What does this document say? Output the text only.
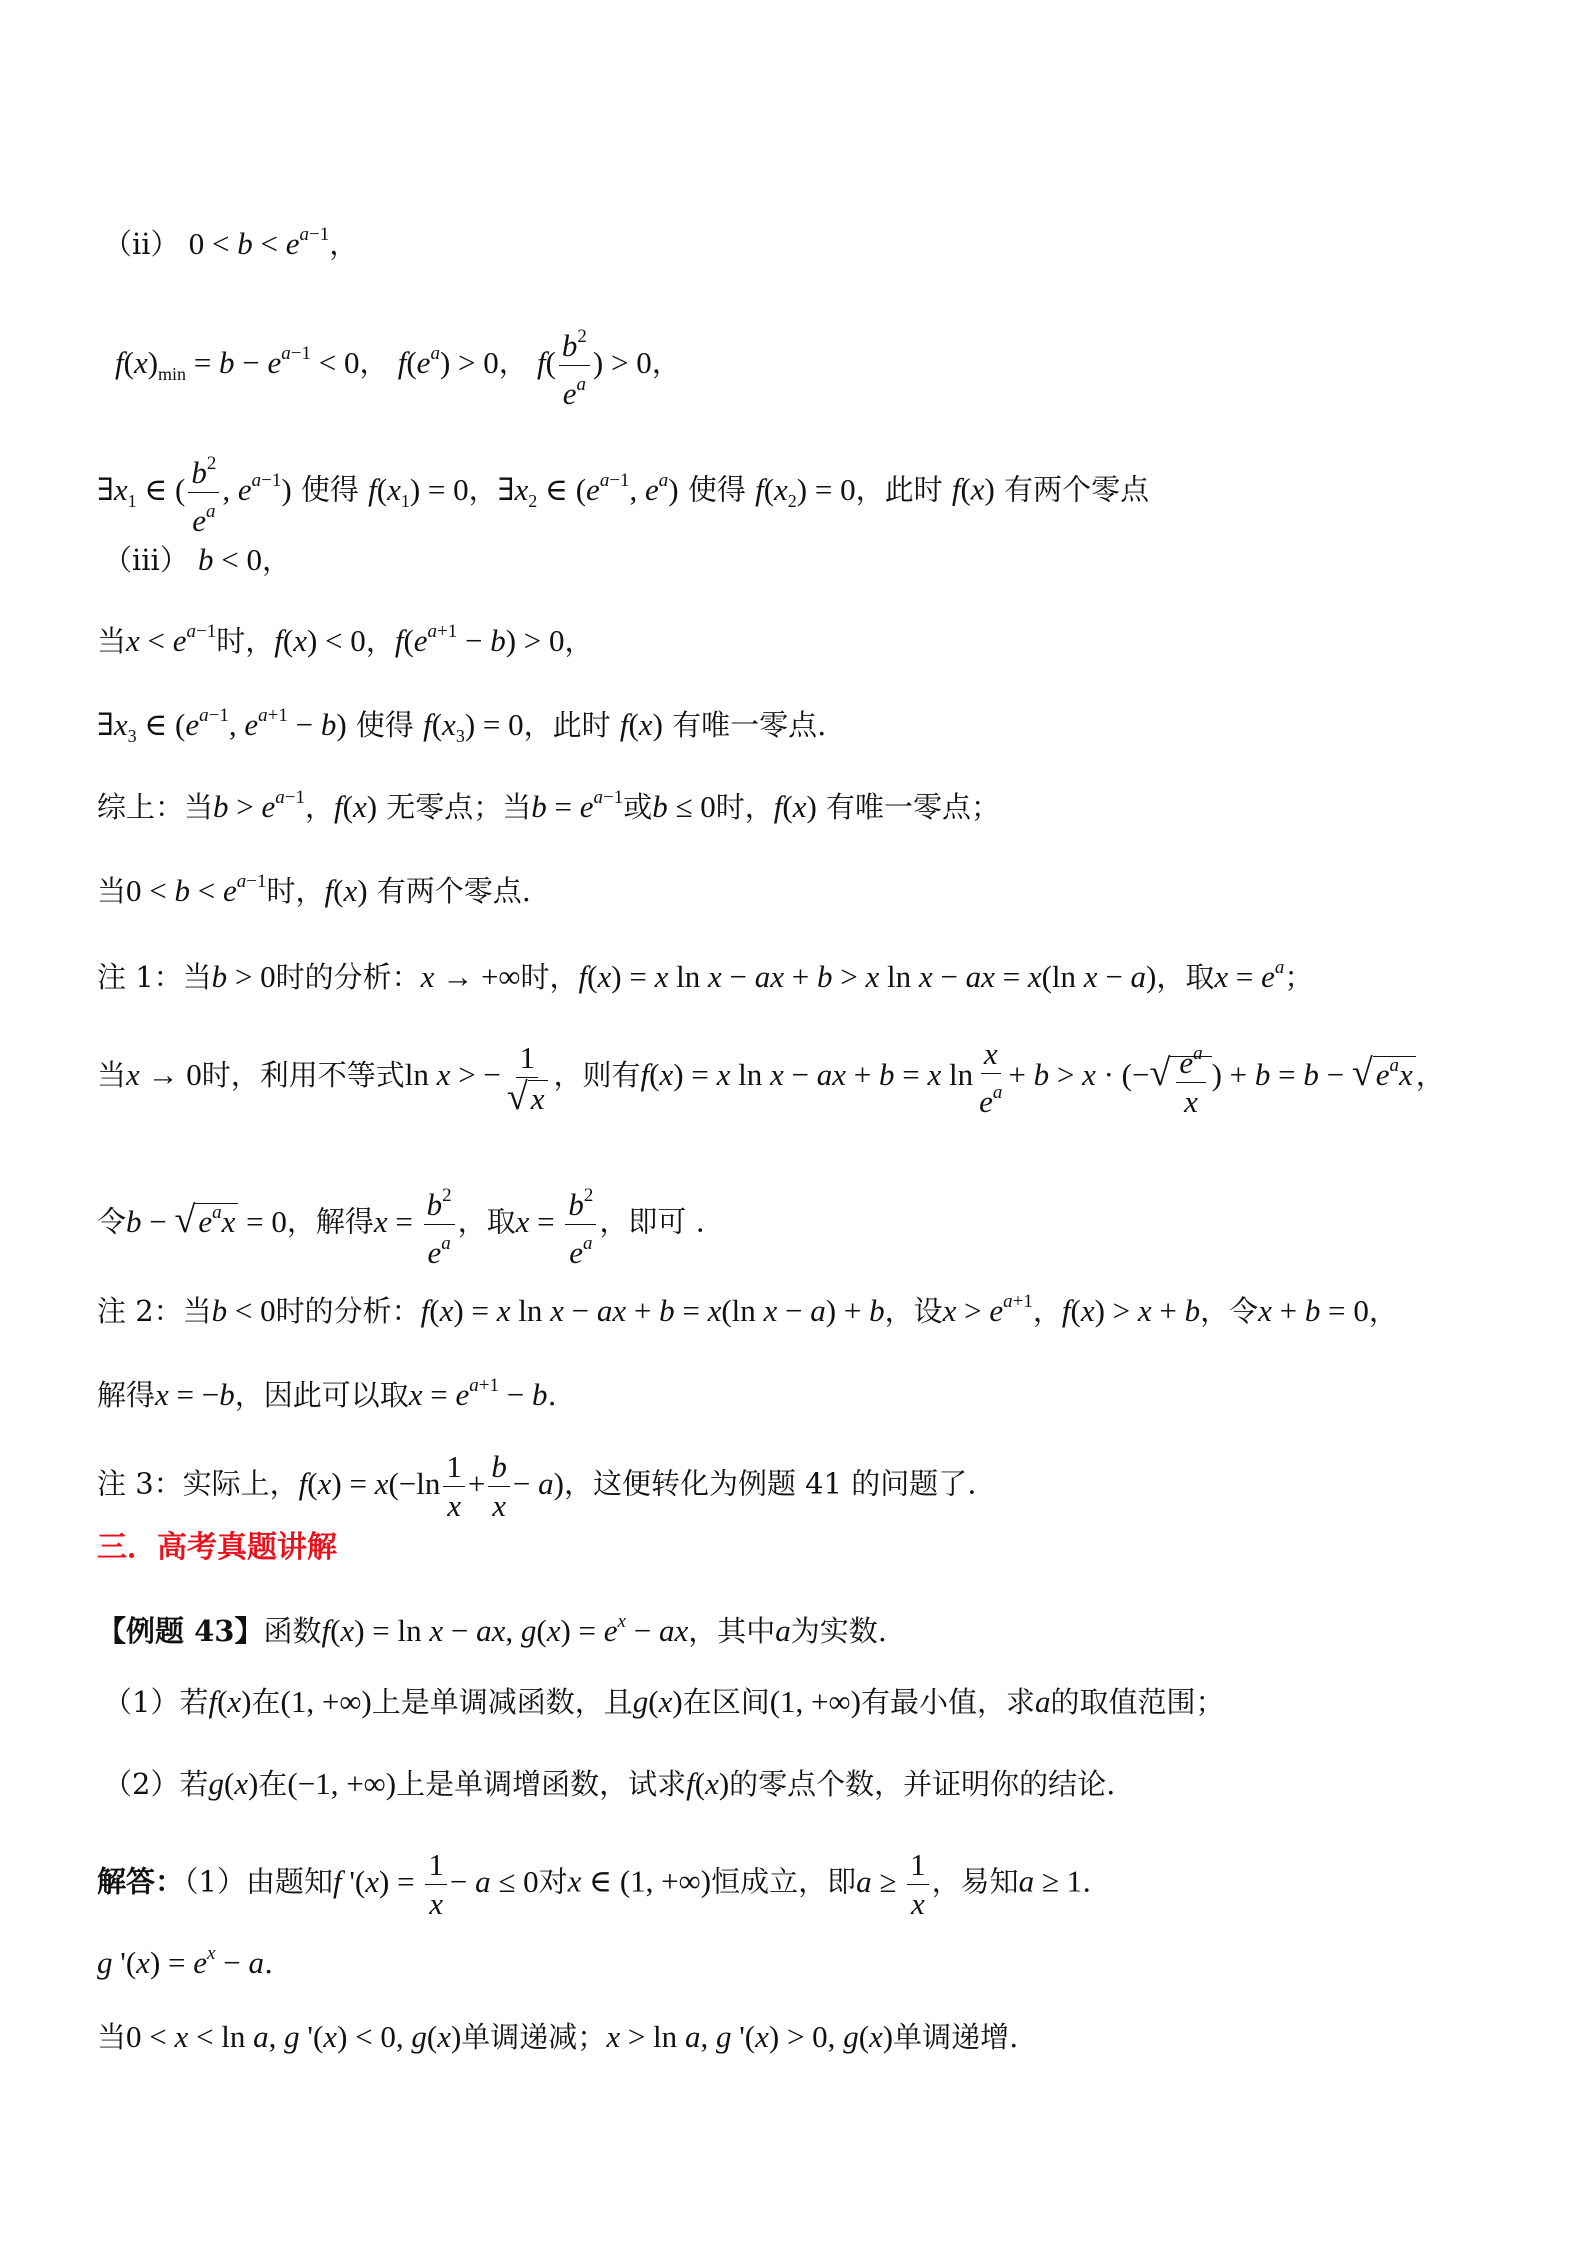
（ii） $0 < b < e^{a-1}$，
$f(x)_{min} = b - e^{a-1} < 0$， $f(e^a) > 0$， $f( \frac{b^2}{e^a}$ ) > 0，
$\exists x_1$ ∈ ( $\frac{b^2}{e^a}$ , $e^{a-1}$) 使得 $f(x_1) = 0$，$\exists x_2$ ∈ ($e^{a-1}$, $e^a$) 使得 $f(x_2) = 0$，此时 f(x) 有两个零点
（iii） b < 0，
当$x < e^{a-1}$时，f(x) < 0，$f(e^{a+1} - b) > 0$，
$\exists x_3$ ∈ ($e^{a-1}$, $e^{a+1} - b$) 使得 $f(x_3) = 0$，此时 f(x) 有唯一零点.
综上：当$b > e^{a-1}$，f(x) 无零点；当$b = e^{a-1}$或b ≤ 0时，f(x) 有唯一零点；
当$0 < b < e^{a-1}$时，f(x) 有两个零点.
注 1：当b > 0时的分析：x → +∞时，f(x) = x ln x − ax + b > x ln x − ax = x(ln x − a)，取$x = e^a$；
当x → 0时，利用不等式ln x > − $\frac{1}{√x}$ ，则有f(x) = x ln x − ax + b = x $\ln \frac{x}{e^a} + b > x$ · (−√ $\frac{e^a}{x}$ ) + $b = b - √e^ax$ ，
令$b - √e^ax = 0$，解得$x = \frac{b^2}{e^a}$ ，取$x = \frac{b^2}{e^a}$ ，即可 .
注 2：当b < 0时的分析：f(x) = x ln x − ax + b = x(ln x − a) + b，设$x > e^{a+1}$，f(x) > x + b，令x + b = 0，
解得x = −b，因此可以取$x = e^{a+1} - b$.
注 3：实际上，$f(x) = x(-\ln \frac{1}{x} + \frac{b}{x} - a)$，这便转化为例题 41 的问题了.
三．高考真题讲解
【例题 43】函数f(x) = ln x − ax, $g(x) = e^x$ − ax，其中a为实数.
（1）若f(x)在(1, +∞)上是单调减函数，且g(x)在区间(1, +∞)有最小值，求a的取值范围；
（2）若g(x)在(−1, +∞)上是单调增函数，试求f(x)的零点个数，并证明你的结论.
解答：（1）由题知f '$(x) = \frac{1}{x} - a \le 0$对x ∈ (1, +∞)恒成立，即$a \ge \frac{1}{x}$ ，易知a ≥ 1.
g '$(x) = e^x - a$.
当0 < x < ln a, g '(x) < 0, g(x)单调递减；x > ln a, g '(x) > 0, g(x)单调递增.
